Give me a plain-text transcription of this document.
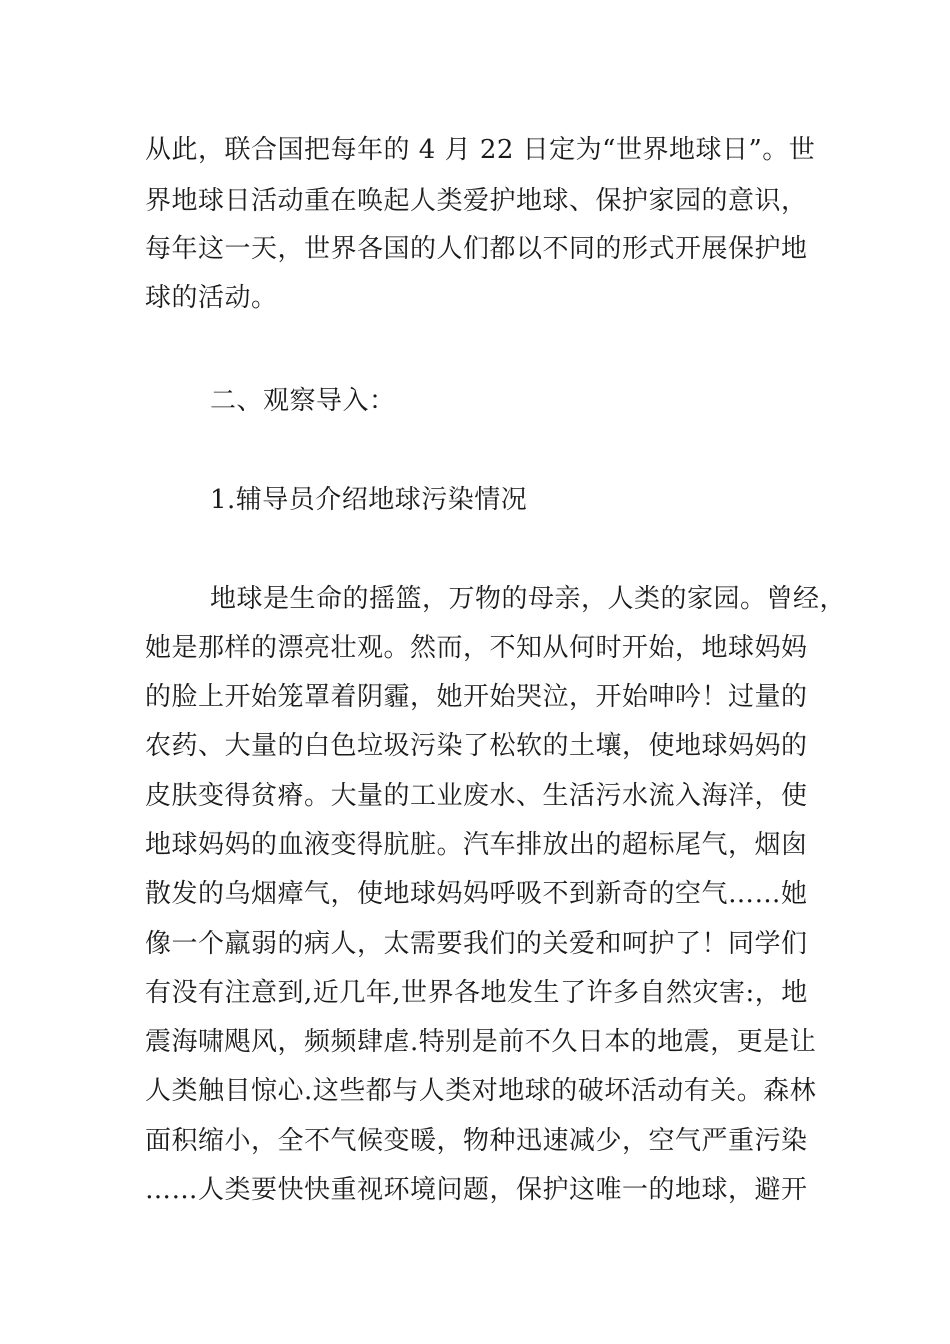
从此，联合国把每年的 4 月 22 日定为“世界地球日”。世
界地球日活动重在唤起人类爱护地球、保护家园的意识，
每年这一天，世界各国的人们都以不同的形式开展保护地
球的活动。
二、观察导入：
1.辅导员介绍地球污染情况
地球是生命的摇篮，万物的母亲，人类的家园。曾经，
她是那样的漂亮壮观。然而，不知从何时开始，地球妈妈
的脸上开始笼罩着阴霾，她开始哭泣，开始呻吟！过量的
农药、大量的白色垃圾污染了松软的土壤，使地球妈妈的
皮肤变得贫瘠。大量的工业废水、生活污水流入海洋，使
地球妈妈的血液变得肮脏。汽车排放出的超标尾气，烟囱
散发的乌烟瘴气，使地球妈妈呼吸不到新奇的空气……她
像一个羸弱的病人，太需要我们的关爱和呵护了！同学们
有没有注意到,近几年,世界各地发生了许多自然灾害:，地
震海啸飓风，频频肆虐.特别是前不久日本的地震，更是让
人类触目惊心.这些都与人类对地球的破坏活动有关。森林
面积缩小，全不气候变暖，物种迅速减少，空气严重污染
……人类要快快重视环境问题，保护这唯一的地球，避开
